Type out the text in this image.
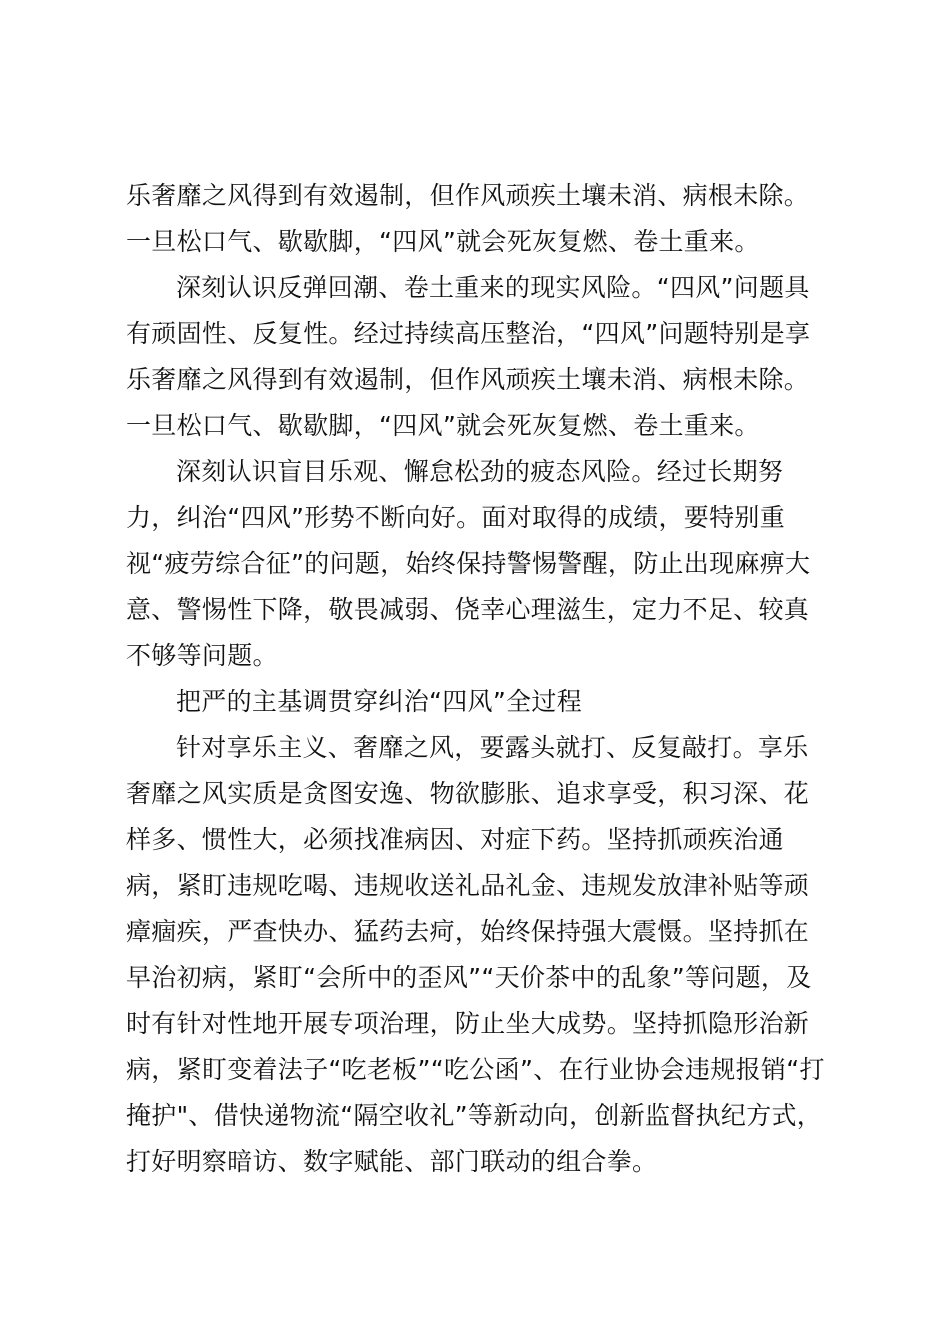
乐奢靡之风得到有效遏制，但作风顽疾土壤未消、病根未除。
一旦松口气、歇歇脚，“四风”就会死灰复燃、卷土重来。
深刻认识反弹回潮、卷土重来的现实风险。“四风”问题具
有顽固性、反复性。经过持续高压整治，“四风”问题特别是享
乐奢靡之风得到有效遏制，但作风顽疾土壤未消、病根未除。
一旦松口气、歇歇脚，“四风”就会死灰复燃、卷土重来。
深刻认识盲目乐观、懈怠松劲的疲态风险。经过长期努
力，纠治“四风”形势不断向好。面对取得的成绩，要特别重
视“疲劳综合征”的问题，始终保持警惕警醒，防止出现麻痹大
意、警惕性下降，敬畏减弱、侥幸心理滋生，定力不足、较真
不够等问题。
把严的主基调贯穿纠治“四风”全过程
针对享乐主义、奢靡之风，要露头就打、反复敲打。享乐
奢靡之风实质是贪图安逸、物欲膨胀、追求享受，积习深、花
样多、惯性大，必须找准病因、对症下药。坚持抓顽疾治通
病，紧盯违规吃喝、违规收送礼品礼金、违规发放津补贴等顽
瘴痼疾，严查快办、猛药去疴，始终保持强大震慑。坚持抓在
早治初病，紧盯“会所中的歪风”“天价茶中的乱象”等问题，及
时有针对性地开展专项治理，防止坐大成势。坚持抓隐形治新
病，紧盯变着法子“吃老板”“吃公函”、在行业协会违规报销“打
掩护"、借快递物流“隔空收礼”等新动向，创新监督执纪方式，
打好明察暗访、数字赋能、部门联动的组合拳。
